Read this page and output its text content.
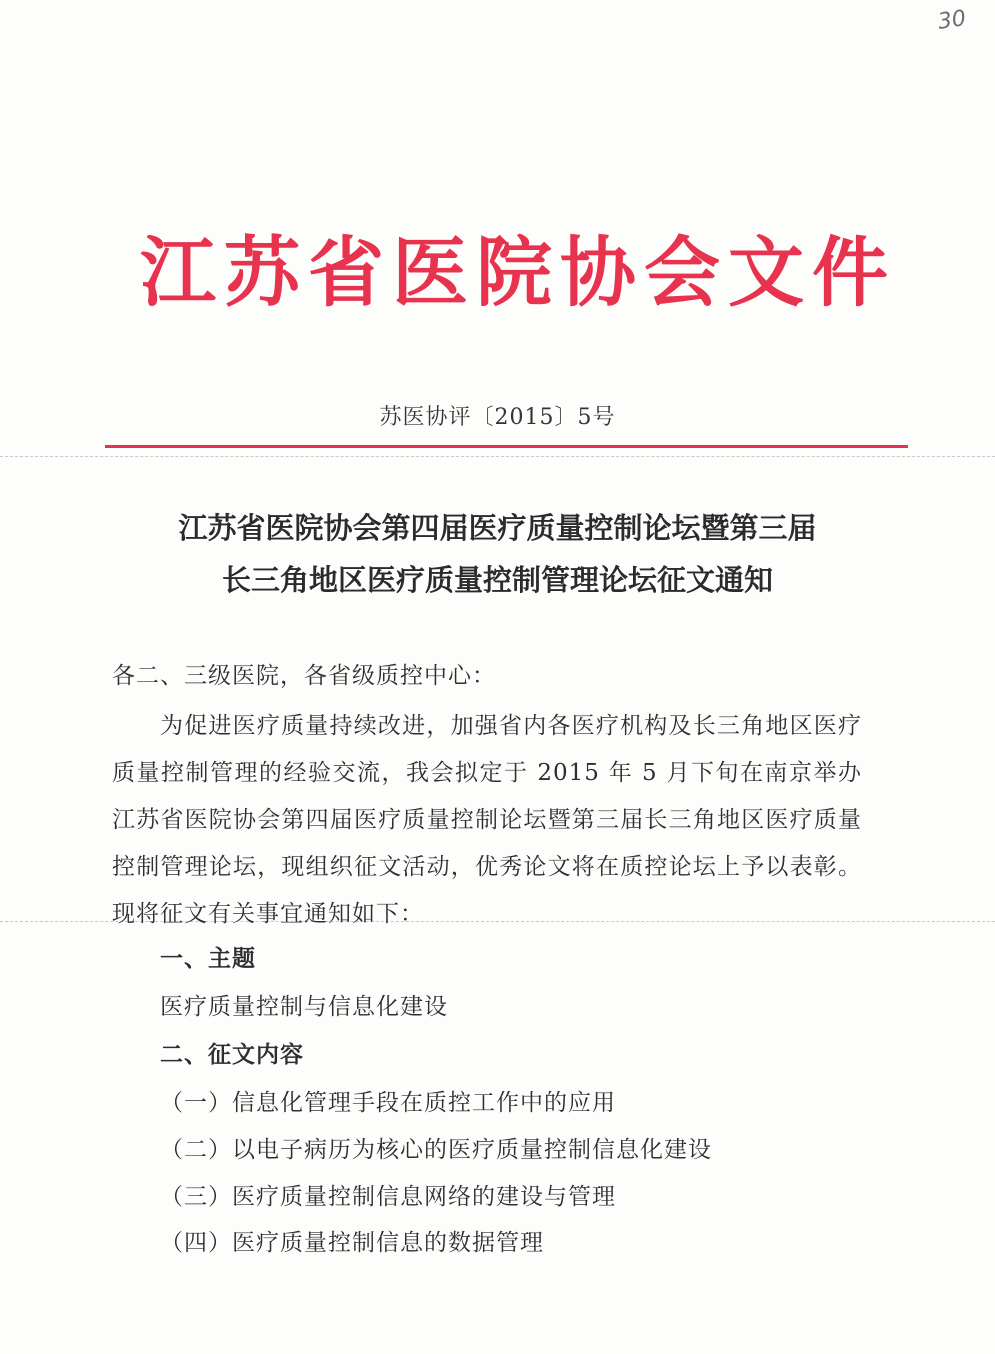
30
江苏省医院协会文件
苏医协评〔2015〕5号
江苏省医院协会第四届医疗质量控制论坛暨第三届
长三角地区医疗质量控制管理论坛征文通知
各二、三级医院，各省级质控中心：
为促进医疗质量持续改进，加强省内各医疗机构及长三角地区医疗质量控制管理的经验交流，我会拟定于 2015 年 5 月下旬在南京举办江苏省医院协会第四届医疗质量控制论坛暨第三届长三角地区医疗质量控制管理论坛，现组织征文活动，优秀论文将在质控论坛上予以表彰。现将征文有关事宜通知如下：
一、主题
医疗质量控制与信息化建设
二、征文内容
（一）信息化管理手段在质控工作中的应用
（二）以电子病历为核心的医疗质量控制信息化建设
（三）医疗质量控制信息网络的建设与管理
（四）医疗质量控制信息的数据管理
